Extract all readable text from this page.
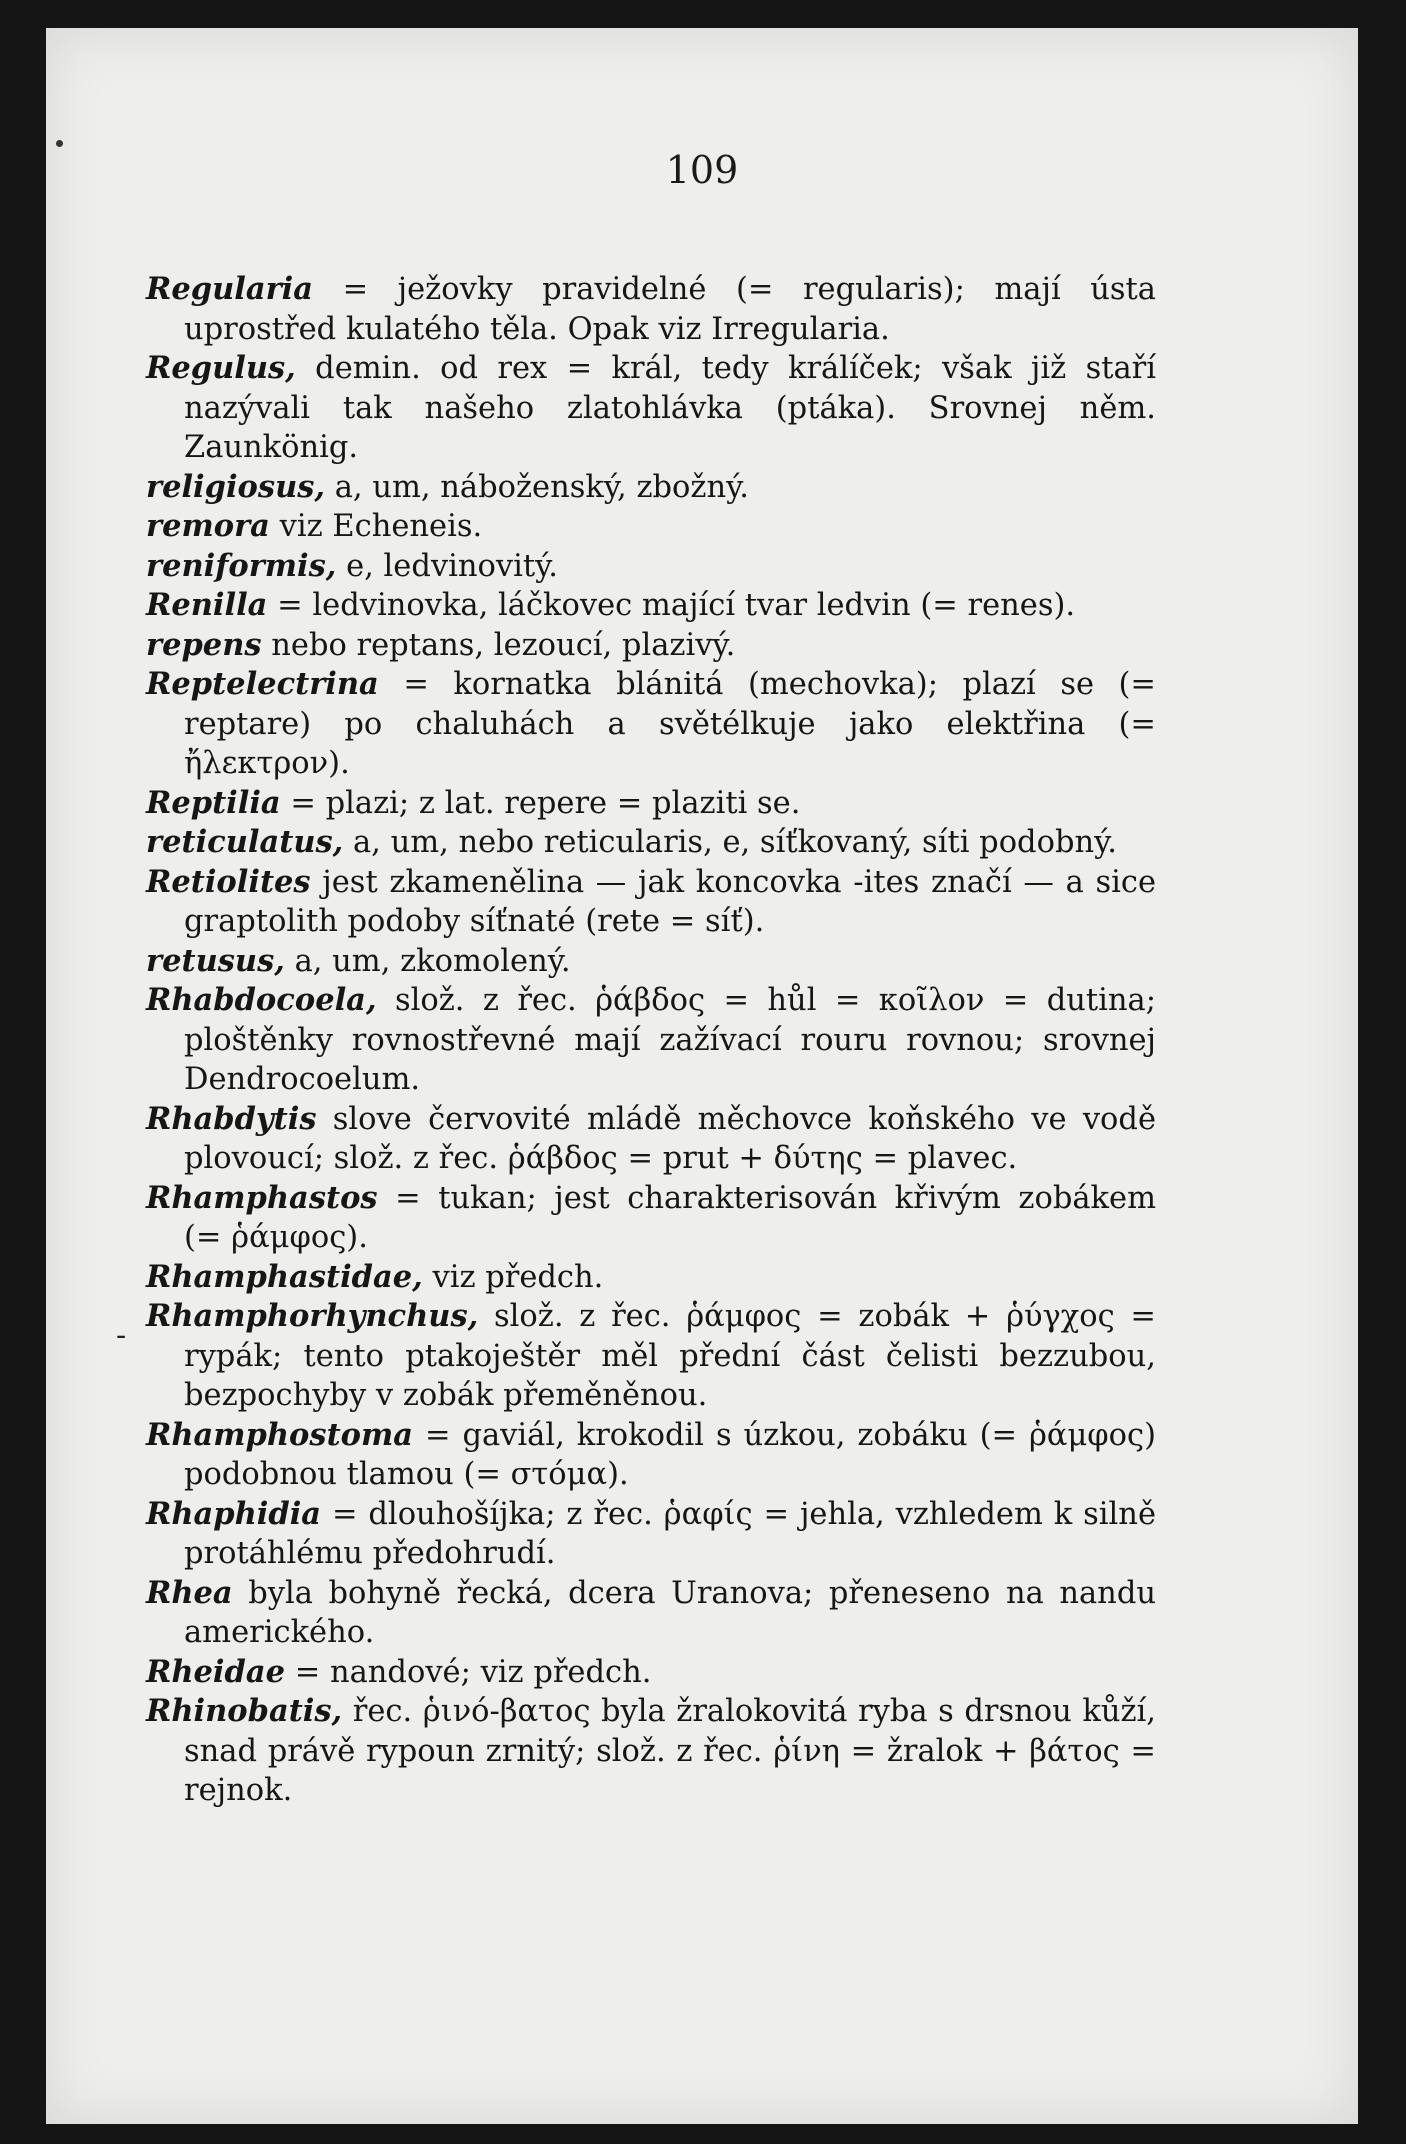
109

Regularia = ježovky pravidelné (= regularis); mají ústa uprostřed kulatého těla. Opak viz Irregularia.

Regulus, demin. od rex = král, tedy králíček; však již staří nazývali tak našeho zlatohlávka (ptáka). Srovnej něm. Zaunkönig.

religiosus, a, um, náboženský, zbožný.

remora viz Echeneis.

reniformis, e, ledvinovitý.

Renilla = ledvinovka, láčkovec mající tvar ledvin (= renes).

repens nebo reptans, lezoucí, plazivý.

Reptelectrina = kornatka blánitá (mechovka); plazí se (= reptare) po chaluhách a světélkuje jako elektřina (= ἤλεκτρον).

Reptilia = plazi; z lat. repere = plaziti se.

reticulatus, a, um, nebo reticularis, e, síťkovaný, síti podobný.

Retiolites jest zkamenělina — jak koncovka -ites značí — a sice graptolith podoby síťnaté (rete = síť).

retusus, a, um, zkomolený.

Rhabdocoela, slož. z řec. ῥάβδος = hůl = κοῖλον = dutina; ploštěnky rovnostřevné mají zažívací rouru rovnou; srovnej Dendrocoelum.

Rhabdytis slove červovité mládě měchovce koňského ve vodě plovoucí; slož. z řec. ῥάβδος = prut + δύτης = plavec.

Rhamphastos = tukan; jest charakterisován křivým zobákem (= ῥάμφος).

Rhamphastidae, viz předch.

Rhamphorhynchus, slož. z řec. ῥάμφος = zobák + ῥύγχος = rypák; tento ptakoještěr měl přední část čelisti bezzubou, bezpochyby v zobák přeměněnou.

Rhamphostoma = gaviál, krokodil s úzkou, zobáku (= ῥάμφος) podobnou tlamou (= στόμα).

Rhaphidia = dlouhošíjka; z řec. ῥαφίς = jehla, vzhledem k silně protáhlému předohrudí.

Rhea byla bohyně řecká, dcera Uranova; přeneseno na nandu amerického.

Rheidae = nandové; viz předch.

Rhinobatis, řec. ῥινό-βατος byla žralokovitá ryba s drsnou kůží, snad právě rypoun zrnitý; slož. z řec. ῥίνη = žralok + βάτος = rejnok.

-
